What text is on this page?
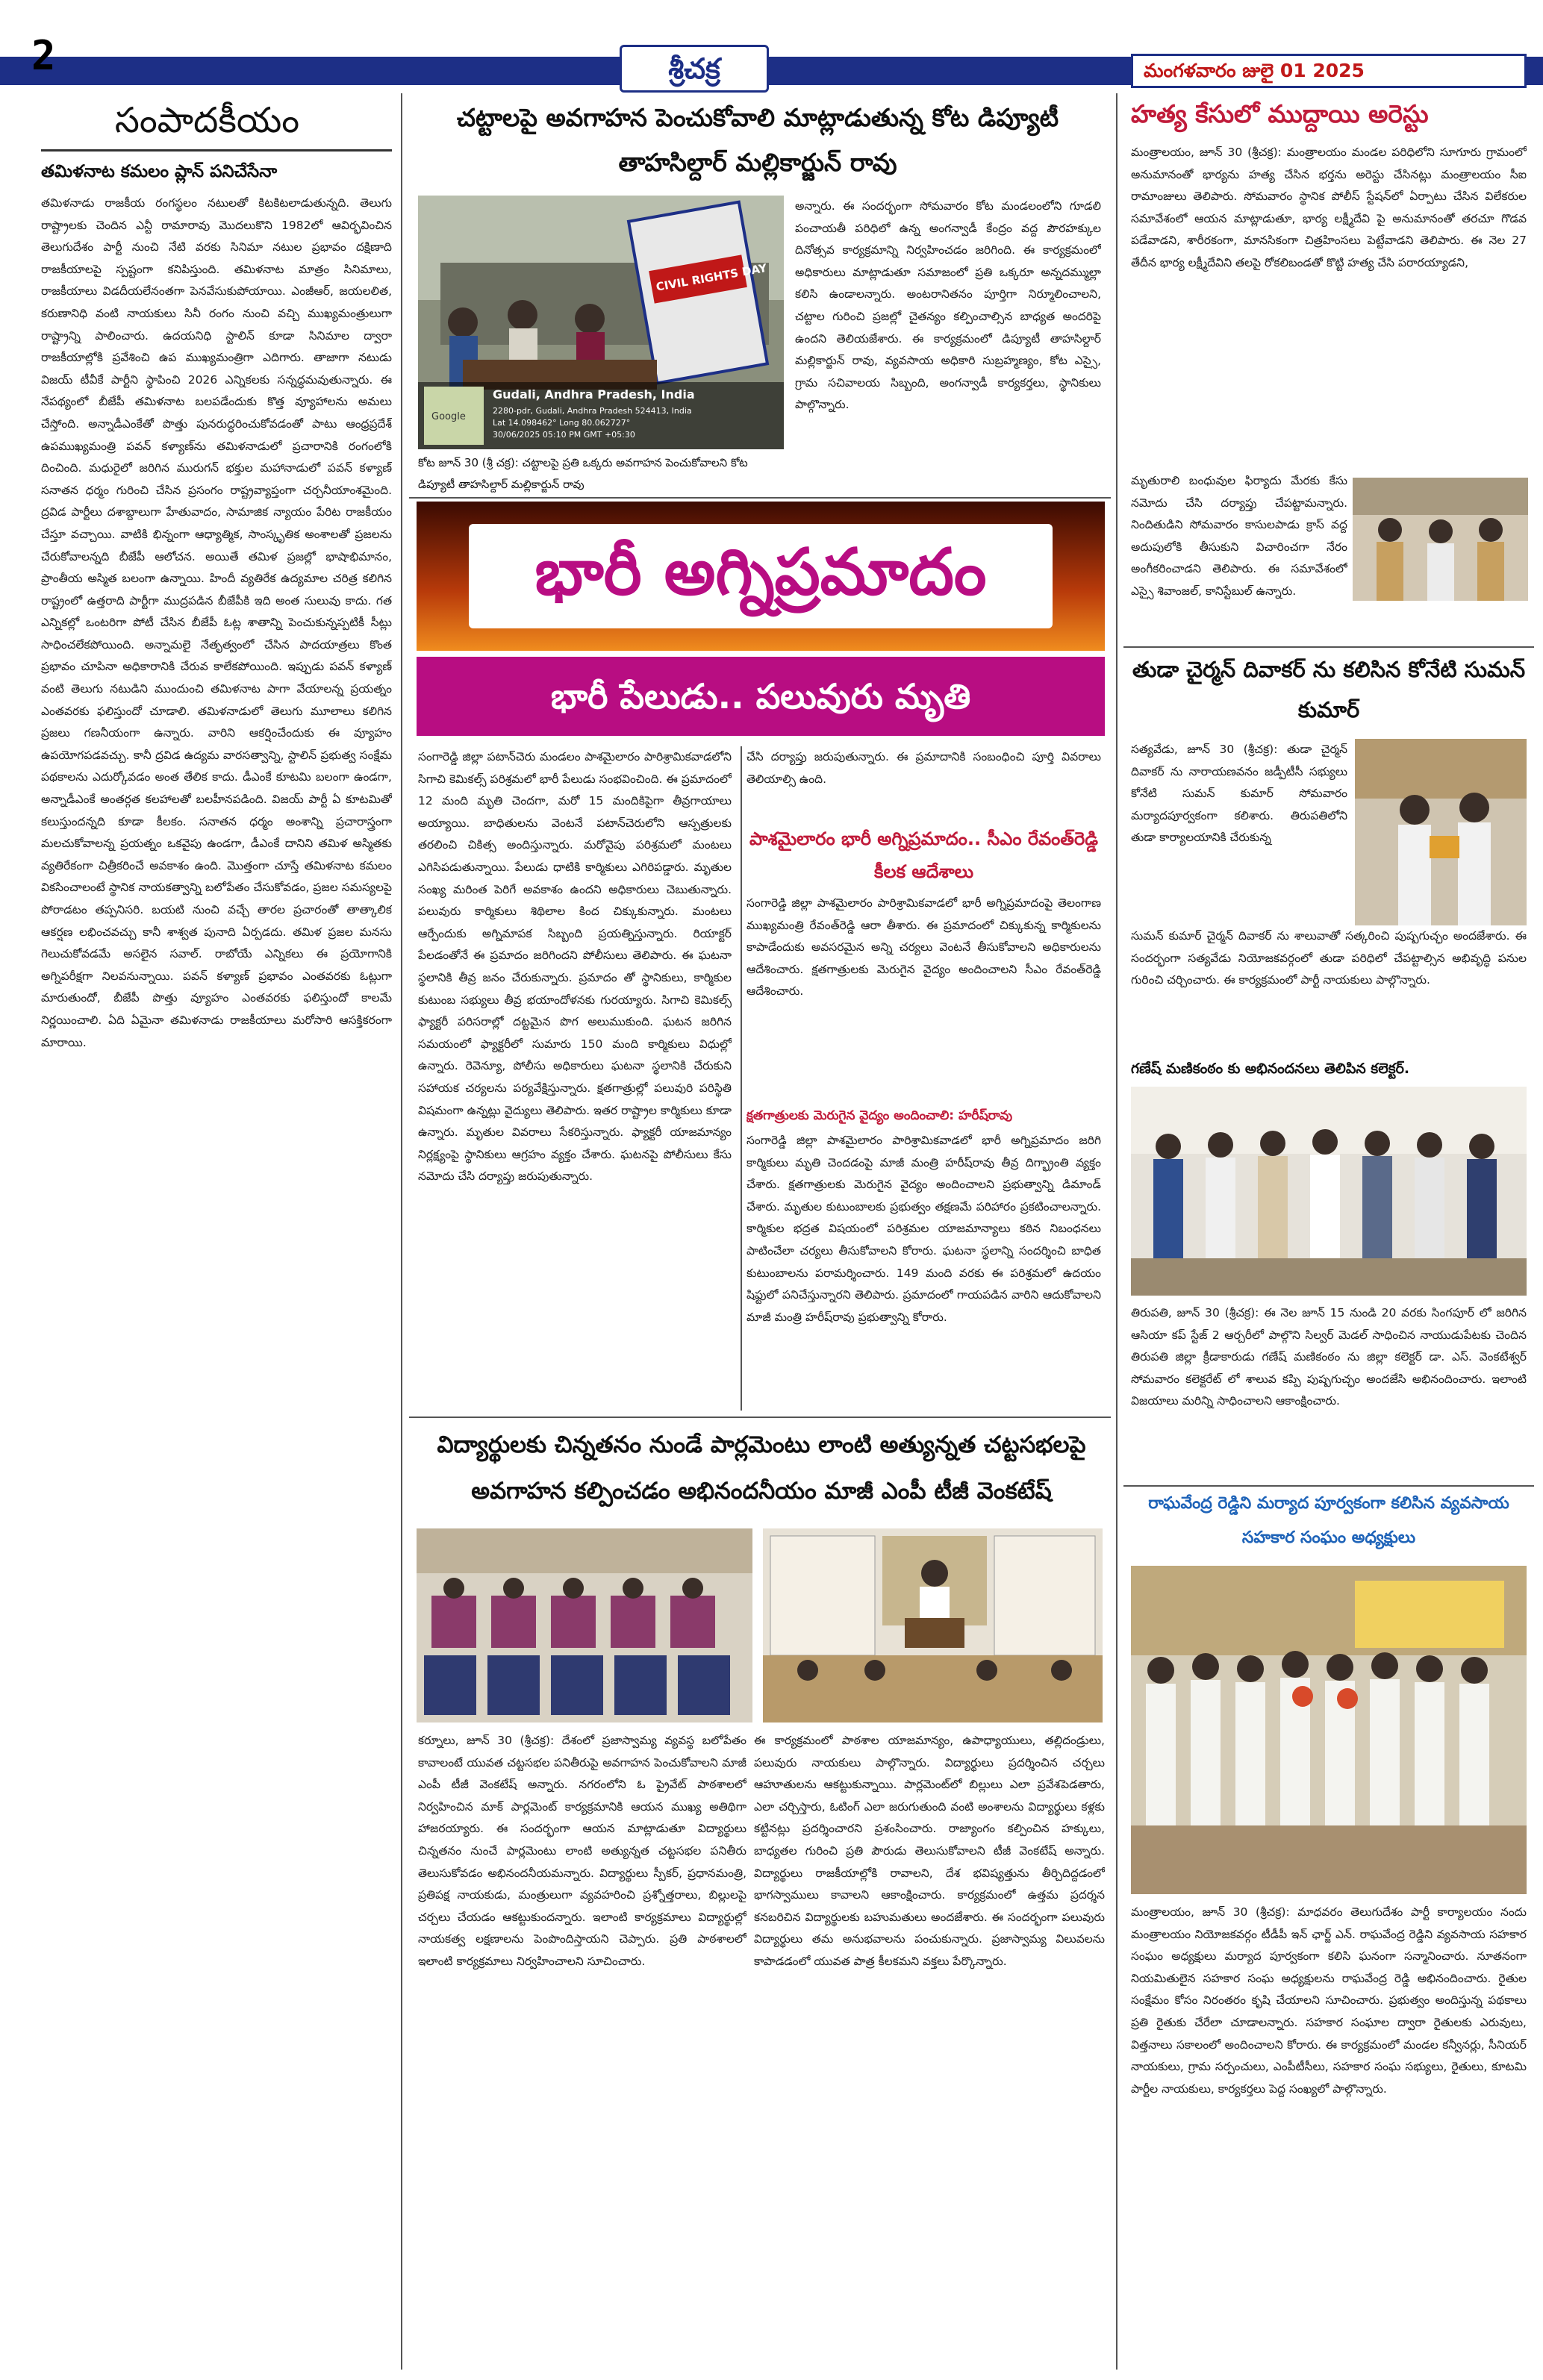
2	శ్రీచక్ర	మంగళవారం జులై 01 2025
సంపాదకీయం
తమిళనాట కమలం ప్లాన్ పనిచేసేనా
తమిళనాడు రాజకీయ రంగస్థలం నటులతో కిటకిటలాడుతున్నది. తెలుగు రాష్ట్రాలకు చెందిన ఎన్టీ రామారావు మొదలుకొని 1982లో ఆవిర్భవించిన తెలుగుదేశం పార్టీ నుంచి నేటి వరకు సినిమా నటుల ప్రభావం దక్షిణాది రాజకీయాలపై స్పష్టంగా కనిపిస్తుంది. తమిళనాట మాత్రం సినిమాలు, రాజకీయాలు విడదీయలేనంతగా పెనవేసుకుపోయాయి. ఎంజీఆర్, జయలలిత, కరుణానిధి వంటి నాయకులు సినీ రంగం నుంచి వచ్చి ముఖ్యమంత్రులుగా రాష్ట్రాన్ని పాలించారు. ఉదయనిధి స్టాలిన్ కూడా సినిమాల ద్వారా రాజకీయాల్లోకి ప్రవేశించి ఉప ముఖ్యమంత్రిగా ఎదిగారు. తాజాగా నటుడు విజయ్ టీవీకే పార్టీని స్థాపించి 2026 ఎన్నికలకు సన్నద్ధమవుతున్నారు. ఈ నేపథ్యంలో బీజేపీ తమిళనాట బలపడేందుకు కొత్త వ్యూహాలను అమలు చేస్తోంది. అన్నాడీఎంకేతో పొత్తు పునరుద్ధరించుకోవడంతో పాటు ఆంధ్రప్రదేశ్ ఉపముఖ్యమంత్రి పవన్ కళ్యాణ్‌ను తమిళనాడులో ప్రచారానికి రంగంలోకి దించింది. మధురైలో జరిగిన మురుగన్ భక్తుల మహానాడులో పవన్ కళ్యాణ్ సనాతన ధర్మం గురించి చేసిన ప్రసంగం రాష్ట్రవ్యాప్తంగా చర్చనీయాంశమైంది. ద్రవిడ పార్టీలు దశాబ్దాలుగా హేతువాదం, సామాజిక న్యాయం పేరిట రాజకీయం చేస్తూ వచ్చాయి. వాటికి భిన్నంగా ఆధ్యాత్మిక, సాంస్కృతిక అంశాలతో ప్రజలను చేరుకోవాలన్నది బీజేపీ ఆలోచన. అయితే తమిళ ప్రజల్లో భాషాభిమానం, ప్రాంతీయ అస్మిత బలంగా ఉన్నాయి. హిందీ వ్యతిరేక ఉద్యమాల చరిత్ర కలిగిన రాష్ట్రంలో ఉత్తరాది పార్టీగా ముద్రపడిన బీజేపీకి ఇది అంత సులువు కాదు. గత ఎన్నికల్లో ఒంటరిగా పోటీ చేసిన బీజేపీ ఓట్ల శాతాన్ని పెంచుకున్నప్పటికీ సీట్లు సాధించలేకపోయింది. అన్నామలై నేతృత్వంలో చేసిన పాదయాత్రలు కొంత ప్రభావం చూపినా అధికారానికి చేరువ కాలేకపోయింది. ఇప్పుడు పవన్ కళ్యాణ్ వంటి తెలుగు నటుడిని ముందుంచి తమిళనాట పాగా వేయాలన్న ప్రయత్నం ఎంతవరకు ఫలిస్తుందో చూడాలి. తమిళనాడులో తెలుగు మూలాలు కలిగిన ప్రజలు గణనీయంగా ఉన్నారు. వారిని ఆకర్షించేందుకు ఈ వ్యూహం ఉపయోగపడవచ్చు. కానీ ద్రవిడ ఉద్యమ వారసత్వాన్ని, స్టాలిన్ ప్రభుత్వ సంక్షేమ పథకాలను ఎదుర్కోవడం అంత తేలిక కాదు. డీఎంకే కూటమి బలంగా ఉండగా, అన్నాడీఎంకే అంతర్గత కలహాలతో బలహీనపడింది. విజయ్ పార్టీ ఏ కూటమితో కలుస్తుందన్నది కూడా కీలకం. సనాతన ధర్మం అంశాన్ని ప్రచారాస్త్రంగా మలచుకోవాలన్న ప్రయత్నం ఒకవైపు ఉండగా, డీఎంకే దానిని తమిళ అస్మితకు వ్యతిరేకంగా చిత్రీకరించే అవకాశం ఉంది. మొత్తంగా చూస్తే తమిళనాట కమలం వికసించాలంటే స్థానిక నాయకత్వాన్ని బలోపేతం చేసుకోవడం, ప్రజల సమస్యలపై పోరాడటం తప్పనిసరి. బయటి నుంచి వచ్చే తారల ప్రచారంతో తాత్కాలిక ఆకర్షణ లభించవచ్చు కానీ శాశ్వత పునాది ఏర్పడదు. తమిళ ప్రజల మనసు గెలుచుకోవడమే అసలైన సవాల్. రాబోయే ఎన్నికలు ఈ ప్రయోగానికి అగ్నిపరీక్షగా నిలవనున్నాయి. పవన్ కళ్యాణ్ ప్రభావం ఎంతవరకు ఓట్లుగా మారుతుందో, బీజేపీ పొత్తు వ్యూహం ఎంతవరకు ఫలిస్తుందో కాలమే నిర్ణయించాలి. ఏది ఏమైనా తమిళనాడు రాజకీయాలు మరోసారి ఆసక్తికరంగా మారాయి.
చట్టాలపై అవగాహన పెంచుకోవాలి మాట్లాడుతున్న కోట డిప్యూటీ తాహసిల్దార్ మల్లికార్జున్ రావు
CIVIL RIGHTS DAY
Google
Gudali, Andhra Pradesh, India
2280-pdr, Gudali, Andhra Pradesh 524413, India
Lat 14.098462° Long 80.062727°
30/06/2025 05:10 PM GMT +05:30
కోట జూన్ 30 (శ్రీ చక్ర): చట్టాలపై ప్రతి ఒక్కరు అవగాహన పెంచుకోవాలని కోట డిప్యూటీ తాహసిల్దార్ మల్లికార్జున్ రావు
అన్నారు. ఈ సందర్భంగా సోమవారం కోట మండలంలోని గూడలి పంచాయతీ పరిధిలో ఉన్న అంగన్వాడీ కేంద్రం వద్ద పౌరహక్కుల దినోత్సవ కార్యక్రమాన్ని నిర్వహించడం జరిగింది. ఈ కార్యక్రమంలో అధికారులు మాట్లాడుతూ సమాజంలో ప్రతి ఒక్కరూ అన్నదమ్ముల్లా కలిసి ఉండాలన్నారు. అంటరానితనం పూర్తిగా నిర్మూలించాలని, చట్టాల గురించి ప్రజల్లో చైతన్యం కల్పించాల్సిన బాధ్యత అందరిపై ఉందని తెలియజేశారు. ఈ కార్యక్రమంలో డిప్యూటీ తాహసిల్దార్ మల్లికార్జున్ రావు, వ్యవసాయ అధికారి సుబ్రహ్మణ్యం, కోట ఎస్సై, గ్రామ సచివాలయ సిబ్బంది, అంగన్వాడీ కార్యకర్తలు, స్థానికులు పాల్గొన్నారు.
భారీ అగ్నిప్రమాదం
భారీ పేలుడు.. పలువురు మృతి
సంగారెడ్డి జిల్లా పటాన్‌చెరు మండలం పాశమైలారం పారిశ్రామికవాడలోని సిగాచి కెమికల్స్ పరిశ్రమలో భారీ పేలుడు సంభవించింది. ఈ ప్రమాదంలో 12 మంది మృతి చెందగా, మరో 15 మందికిపైగా తీవ్రగాయాలు అయ్యాయి. బాధితులను వెంటనే పటాన్‌చెరులోని ఆస్పత్రులకు తరలించి చికిత్స అందిస్తున్నారు. మరోవైపు పరిశ్రమలో మంటలు ఎగిసిపడుతున్నాయి. పేలుడు ధాటికి కార్మికులు ఎగిరిపడ్డారు. మృతుల సంఖ్య మరింత పెరిగే అవకాశం ఉందని అధికారులు చెబుతున్నారు. పలువురు కార్మికులు శిథిలాల కింద చిక్కుకున్నారు. మంటలు ఆర్పేందుకు అగ్నిమాపక సిబ్బంది ప్రయత్నిస్తున్నారు. రియాక్టర్ పేలడంతోనే ఈ ప్రమాదం జరిగిందని పోలీసులు తెలిపారు. ఈ ఘటనా స్థలానికి తీవ్ర జనం చేరుకున్నారు. ప్రమాదం తో స్థానికులు, కార్మికుల కుటుంబ సభ్యులు తీవ్ర భయాందోళనకు గురయ్యారు. సిగాచి కెమికల్స్ ఫ్యాక్టరీ పరిసరాల్లో దట్టమైన పొగ అలుముకుంది. ఘటన జరిగిన సమయంలో ఫ్యాక్టరీలో సుమారు 150 మంది కార్మికులు విధుల్లో ఉన్నారు. రెవెన్యూ, పోలీసు అధికారులు ఘటనా స్థలానికి చేరుకుని సహాయక చర్యలను పర్యవేక్షిస్తున్నారు. క్షతగాత్రుల్లో పలువురి పరిస్థితి విషమంగా ఉన్నట్లు వైద్యులు తెలిపారు. ఇతర రాష్ట్రాల కార్మికులు కూడా ఉన్నారు. మృతుల వివరాలు సేకరిస్తున్నారు. ఫ్యాక్టరీ యాజమాన్యం నిర్లక్ష్యంపై స్థానికులు ఆగ్రహం వ్యక్తం చేశారు. ఘటనపై పోలీసులు కేసు నమోదు చేసి దర్యాప్తు జరుపుతున్నారు.
చేసి దర్యాప్తు జరుపుతున్నారు. ఈ ప్రమాదానికి సంబంధించి పూర్తి వివరాలు తెలియాల్సి ఉంది.
పాశమైలారం భారీ అగ్నిప్రమాదం.. సీఎం రేవంత్‌రెడ్డి కీలక ఆదేశాలు
సంగారెడ్డి జిల్లా పాశమైలారం పారిశ్రామికవాడలో భారీ అగ్నిప్రమాదంపై తెలంగాణ ముఖ్యమంత్రి రేవంత్‌రెడ్డి ఆరా తీశారు. ఈ ప్రమాదంలో చిక్కుకున్న కార్మికులను కాపాడేందుకు అవసరమైన అన్ని చర్యలు వెంటనే తీసుకోవాలని అధికారులను ఆదేశించారు. క్షతగాత్రులకు మెరుగైన వైద్యం అందించాలని సీఎం రేవంత్‌రెడ్డి ఆదేశించారు.
క్షతగాత్రులకు మెరుగైన వైద్యం అందించాలి: హరీష్‌రావు
సంగారెడ్డి జిల్లా పాశమైలారం పారిశ్రామికవాడలో భారీ అగ్నిప్రమాదం జరిగి కార్మికులు మృతి చెందడంపై మాజీ మంత్రి హరీష్‌రావు తీవ్ర దిగ్భ్రాంతి వ్యక్తం చేశారు. క్షతగాత్రులకు మెరుగైన వైద్యం అందించాలని ప్రభుత్వాన్ని డిమాండ్ చేశారు. మృతుల కుటుంబాలకు ప్రభుత్వం తక్షణమే పరిహారం ప్రకటించాలన్నారు. కార్మికుల భద్రత విషయంలో పరిశ్రమల యాజమాన్యాలు కఠిన నిబంధనలు పాటించేలా చర్యలు తీసుకోవాలని కోరారు. ఘటనా స్థలాన్ని సందర్శించి బాధిత కుటుంబాలను పరామర్శించారు. 149 మంది వరకు ఈ పరిశ్రమలో ఉదయం షిఫ్టులో పనిచేస్తున్నారని తెలిపారు. ప్రమాదంలో గాయపడిన వారిని ఆదుకోవాలని మాజీ మంత్రి హరీష్‌రావు ప్రభుత్వాన్ని కోరారు.
విద్యార్థులకు చిన్నతనం నుండే పార్లమెంటు లాంటి అత్యున్నత చట్టసభలపై అవగాహన కల్పించడం అభినందనీయం మాజీ ఎంపీ టీజీ వెంకటేష్
కర్నూలు, జూన్ 30 (శ్రీచక్ర): దేశంలో ప్రజాస్వామ్య వ్యవస్థ బలోపేతం కావాలంటే యువత చట్టసభల పనితీరుపై అవగాహన పెంచుకోవాలని మాజీ ఎంపీ టీజీ వెంకటేష్ అన్నారు. నగరంలోని ఓ ప్రైవేట్ పాఠశాలలో నిర్వహించిన మాక్ పార్లమెంట్ కార్యక్రమానికి ఆయన ముఖ్య అతిథిగా హాజరయ్యారు. ఈ సందర్భంగా ఆయన మాట్లాడుతూ విద్యార్థులు చిన్నతనం నుంచే పార్లమెంటు లాంటి అత్యున్నత చట్టసభల పనితీరు తెలుసుకోవడం అభినందనీయమన్నారు. విద్యార్థులు స్పీకర్, ప్రధానమంత్రి, ప్రతిపక్ష నాయకుడు, మంత్రులుగా వ్యవహరించి ప్రశ్నోత్తరాలు, బిల్లులపై చర్చలు చేయడం ఆకట్టుకుందన్నారు. ఇలాంటి కార్యక్రమాలు విద్యార్థుల్లో నాయకత్వ లక్షణాలను పెంపొందిస్తాయని చెప్పారు. ప్రతి పాఠశాలలో ఇలాంటి కార్యక్రమాలు నిర్వహించాలని సూచించారు.
ఈ కార్యక్రమంలో పాఠశాల యాజమాన్యం, ఉపాధ్యాయులు, తల్లిదండ్రులు, పలువురు నాయకులు పాల్గొన్నారు. విద్యార్థులు ప్రదర్శించిన చర్చలు ఆహూతులను ఆకట్టుకున్నాయి. పార్లమెంట్‌లో బిల్లులు ఎలా ప్రవేశపెడతారు, ఎలా చర్చిస్తారు, ఓటింగ్ ఎలా జరుగుతుంది వంటి అంశాలను విద్యార్థులు కళ్లకు కట్టినట్లు ప్రదర్శించారని ప్రశంసించారు. రాజ్యాంగం కల్పించిన హక్కులు, బాధ్యతల గురించి ప్రతి పౌరుడు తెలుసుకోవాలని టీజీ వెంకటేష్ అన్నారు. విద్యార్థులు రాజకీయాల్లోకి రావాలని, దేశ భవిష్యత్తును తీర్చిదిద్దడంలో భాగస్వాములు కావాలని ఆకాంక్షించారు. కార్యక్రమంలో ఉత్తమ ప్రదర్శన కనబరిచిన విద్యార్థులకు బహుమతులు అందజేశారు. ఈ సందర్భంగా పలువురు విద్యార్థులు తమ అనుభవాలను పంచుకున్నారు. ప్రజాస్వామ్య విలువలను కాపాడడంలో యువత పాత్ర కీలకమని వక్తలు పేర్కొన్నారు.
హత్య కేసులో ముద్దాయి అరెస్టు
మంత్రాలయం, జూన్ 30 (శ్రీచక్ర): మంత్రాలయం మండల పరిధిలోని సూగూరు గ్రామంలో అనుమానంతో భార్యను హత్య చేసిన భర్తను అరెస్టు చేసినట్లు మంత్రాలయం సీఐ రామాంజులు తెలిపారు. సోమవారం స్థానిక పోలీస్ స్టేషన్‌లో ఏర్పాటు చేసిన విలేకరుల సమావేశంలో ఆయన మాట్లాడుతూ, భార్య లక్ష్మీదేవి పై అనుమానంతో తరచూ గొడవ పడేవాడని, శారీరకంగా, మానసికంగా చిత్రహింసలు పెట్టేవాడని తెలిపారు. ఈ నెల 27 తేదీన భార్య లక్ష్మీదేవిని తలపై రోకలిబండతో కొట్టి హత్య చేసి పరారయ్యాడని,
మృతురాలి బంధువుల ఫిర్యాదు మేరకు కేసు నమోదు చేసి దర్యాప్తు చేపట్టామన్నారు. నిందితుడిని సోమవారం కాసులపాడు క్రాస్ వద్ద అదుపులోకి తీసుకుని విచారించగా నేరం అంగీకరించాడని తెలిపారు. ఈ సమావేశంలో ఎస్సై శివాంజల్, కానిస్టేబుల్ ఉన్నారు.
తుడా చైర్మన్ దివాకర్ ను కలిసిన కోనేటి సుమన్ కుమార్
సత్యవేడు, జూన్ 30 (శ్రీచక్ర): తుడా చైర్మన్ దివాకర్ ను నారాయణవనం జడ్పీటీసీ సభ్యులు కోనేటి సుమన్ కుమార్ సోమవారం మర్యాదపూర్వకంగా కలిశారు. తిరుపతిలోని తుడా కార్యాలయానికి చేరుకున్న
సుమన్ కుమార్ చైర్మన్ దివాకర్ ను శాలువాతో సత్కరించి పుష్పగుచ్ఛం అందజేశారు. ఈ సందర్భంగా సత్యవేడు నియోజకవర్గంలో తుడా పరిధిలో చేపట్టాల్సిన అభివృద్ధి పనుల గురించి చర్చించారు. ఈ కార్యక్రమంలో పార్టీ నాయకులు పాల్గొన్నారు.
గణేష్ మణికంఠం కు అభినందనలు తెలిపిన కలెక్టర్.
తిరుపతి, జూన్ 30 (శ్రీచక్ర): ఈ నెల జూన్ 15 నుండి 20 వరకు సింగపూర్ లో జరిగిన ఆసియా కప్ స్టేజ్ 2 ఆర్చరీలో పాల్గొని సిల్వర్ మెడల్ సాధించిన నాయుడుపేటకు చెందిన తిరుపతి జిల్లా క్రీడాకారుడు గణేష్ మణికంఠం ను జిల్లా కలెక్టర్ డా. ఎస్. వెంకటేశ్వర్ సోమవారం కలెక్టరేట్ లో శాలువ కప్పి పుష్పగుచ్ఛం అందజేసి అభినందించారు. ఇలాంటి విజయాలు మరిన్ని సాధించాలని ఆకాంక్షించారు.
రాఘవేంద్ర రెడ్డిని మర్యాద పూర్వకంగా కలిసిన వ్యవసాయ సహకార సంఘం అధ్యక్షులు
మంత్రాలయం, జూన్ 30 (శ్రీచక్ర): మాధవరం తెలుగుదేశం పార్టీ కార్యాలయం నందు మంత్రాలయం నియోజకవర్గం టీడీపీ ఇన్ ఛార్జ్ ఎన్. రాఘవేంద్ర రెడ్డిని వ్యవసాయ సహకార సంఘం అధ్యక్షులు మర్యాద పూర్వకంగా కలిసి ఘనంగా సన్మానించారు. నూతనంగా నియమితులైన సహకార సంఘ అధ్యక్షులను రాఘవేంద్ర రెడ్డి అభినందించారు. రైతుల సంక్షేమం కోసం నిరంతరం కృషి చేయాలని సూచించారు. ప్రభుత్వం అందిస్తున్న పథకాలు ప్రతి రైతుకు చేరేలా చూడాలన్నారు. సహకార సంఘాల ద్వారా రైతులకు ఎరువులు, విత్తనాలు సకాలంలో అందించాలని కోరారు. ఈ కార్యక్రమంలో మండల కన్వీనర్లు, సీనియర్ నాయకులు, గ్రామ సర్పంచులు, ఎంపీటీసీలు, సహకార సంఘ సభ్యులు, రైతులు, కూటమి పార్టీల నాయకులు, కార్యకర్తలు పెద్ద సంఖ్యలో పాల్గొన్నారు.
